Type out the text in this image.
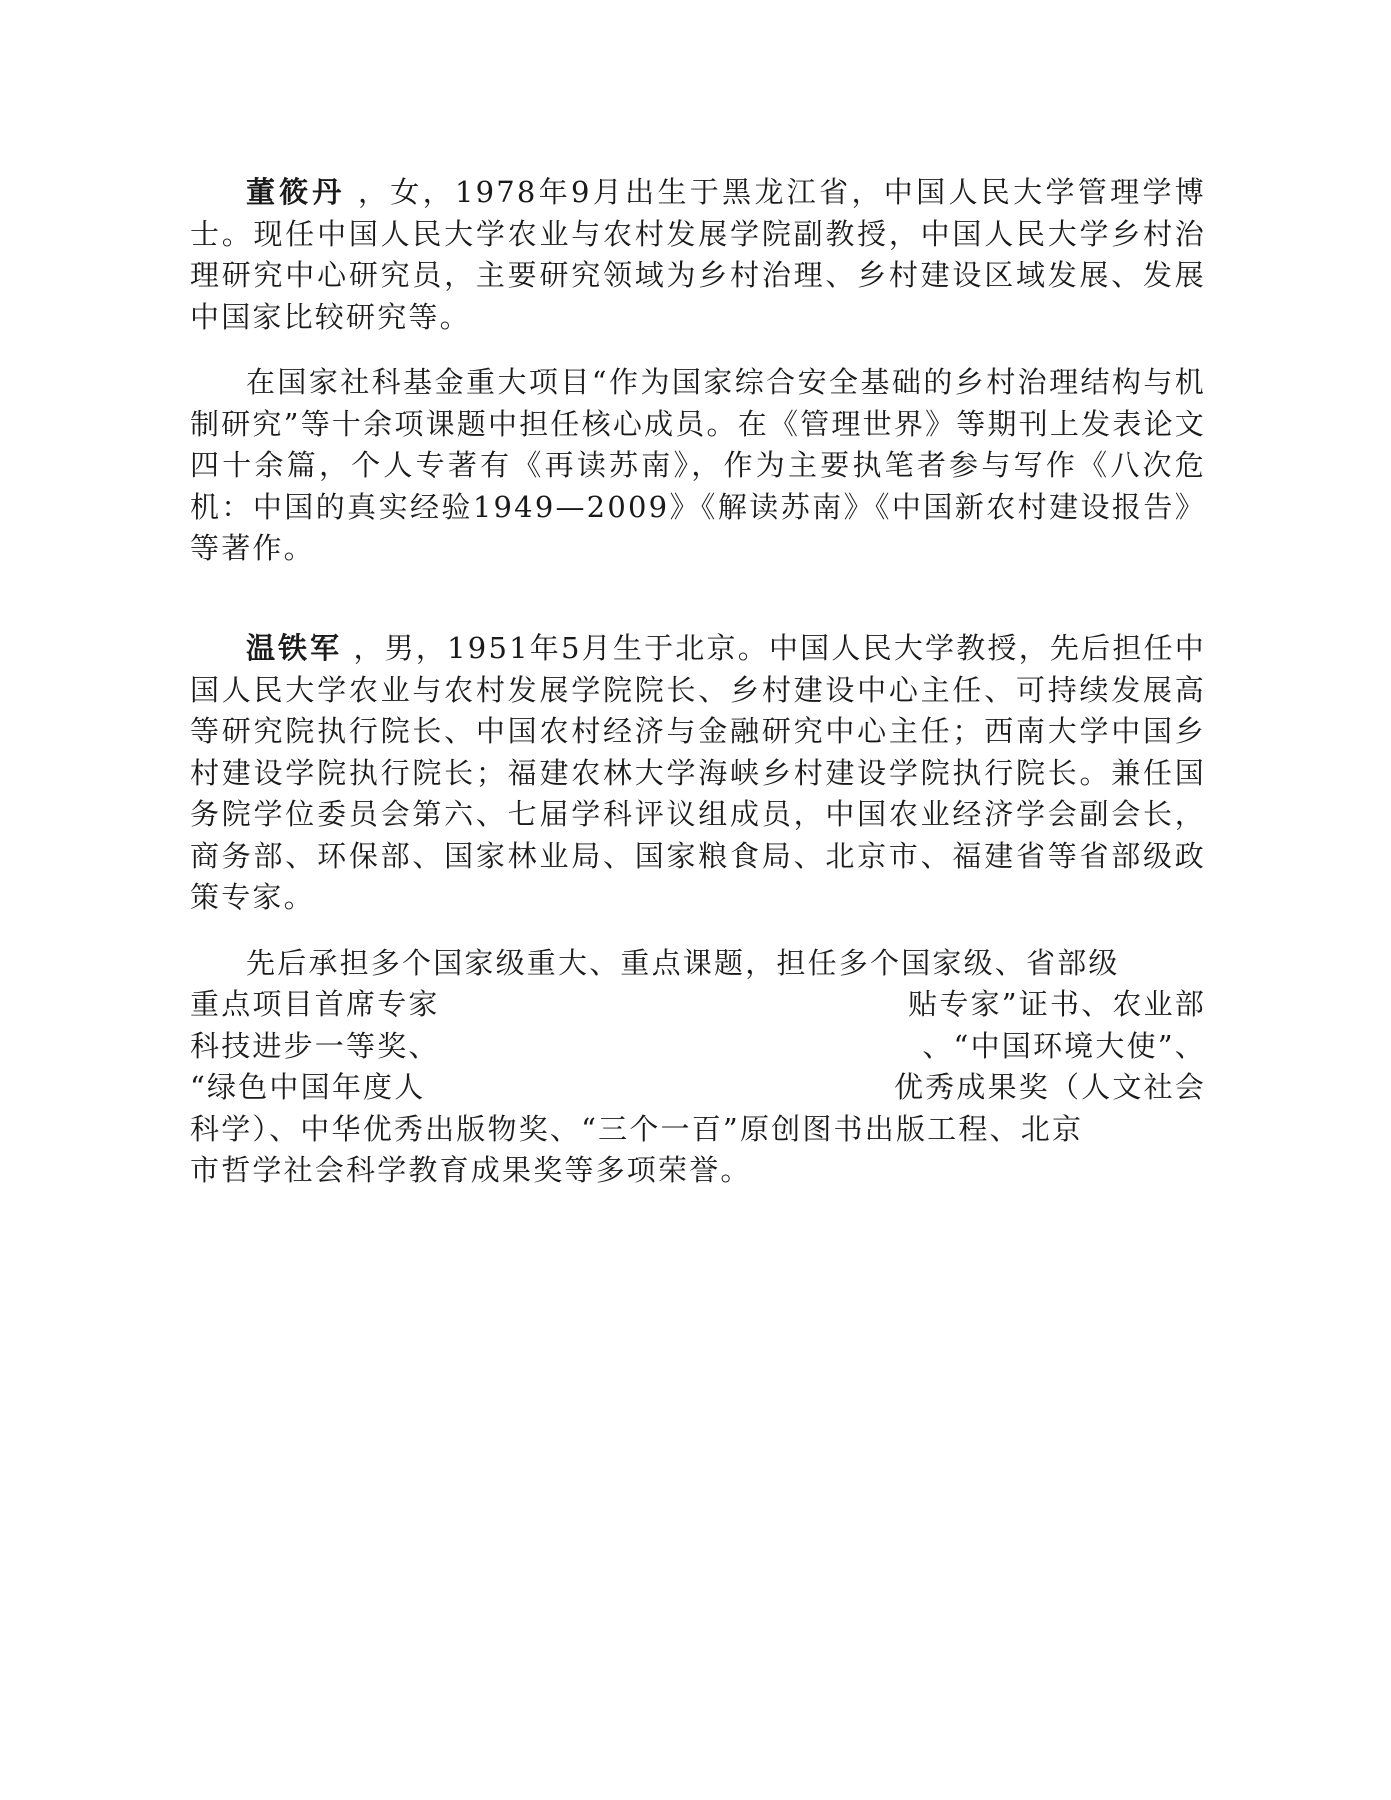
董筱丹 ，女，1978年9月出生于黑龙江省，中国人民大学管理学博士。现任中国人民大学农业与农村发展学院副教授，中国人民大学乡村治理研究中心研究员，主要研究领域为乡村治理、乡村建设区域发展、发展中国家比较研究等。

在国家社科基金重大项目“作为国家综合安全基础的乡村治理结构与机制研究”等十余项课题中担任核心成员。在《管理世界》等期刊上发表论文四十余篇，个人专著有《再读苏南》，作为主要执笔者参与写作《八次危机：中国的真实经验1949—2009》《解读苏南》《中国新农村建设报告》等著作。

温铁军 ，男，1951年5月生于北京。中国人民大学教授，先后担任中国人民大学农业与农村发展学院院长、乡村建设中心主任、可持续发展高等研究院执行院长、中国农村经济与金融研究中心主任；西南大学中国乡村建设学院执行院长；福建农林大学海峡乡村建设学院执行院长。兼任国务院学位委员会第六、七届学科评议组成员，中国农业经济学会副会长，商务部、环保部、国家林业局、国家粮食局、北京市、福建省等省部级政策专家。

先后承担多个国家级重大、重点课题，担任多个国家级、省部级
重点项目首席专家	贴专家”证书、农业部
科技进步一等奖、	、“中国环境大使”、
“绿色中国年度人	优秀成果奖（人文社会
科学）、中华优秀出版物奖、“三个一百”原创图书出版工程、北京
市哲学社会科学教育成果奖等多项荣誉。
